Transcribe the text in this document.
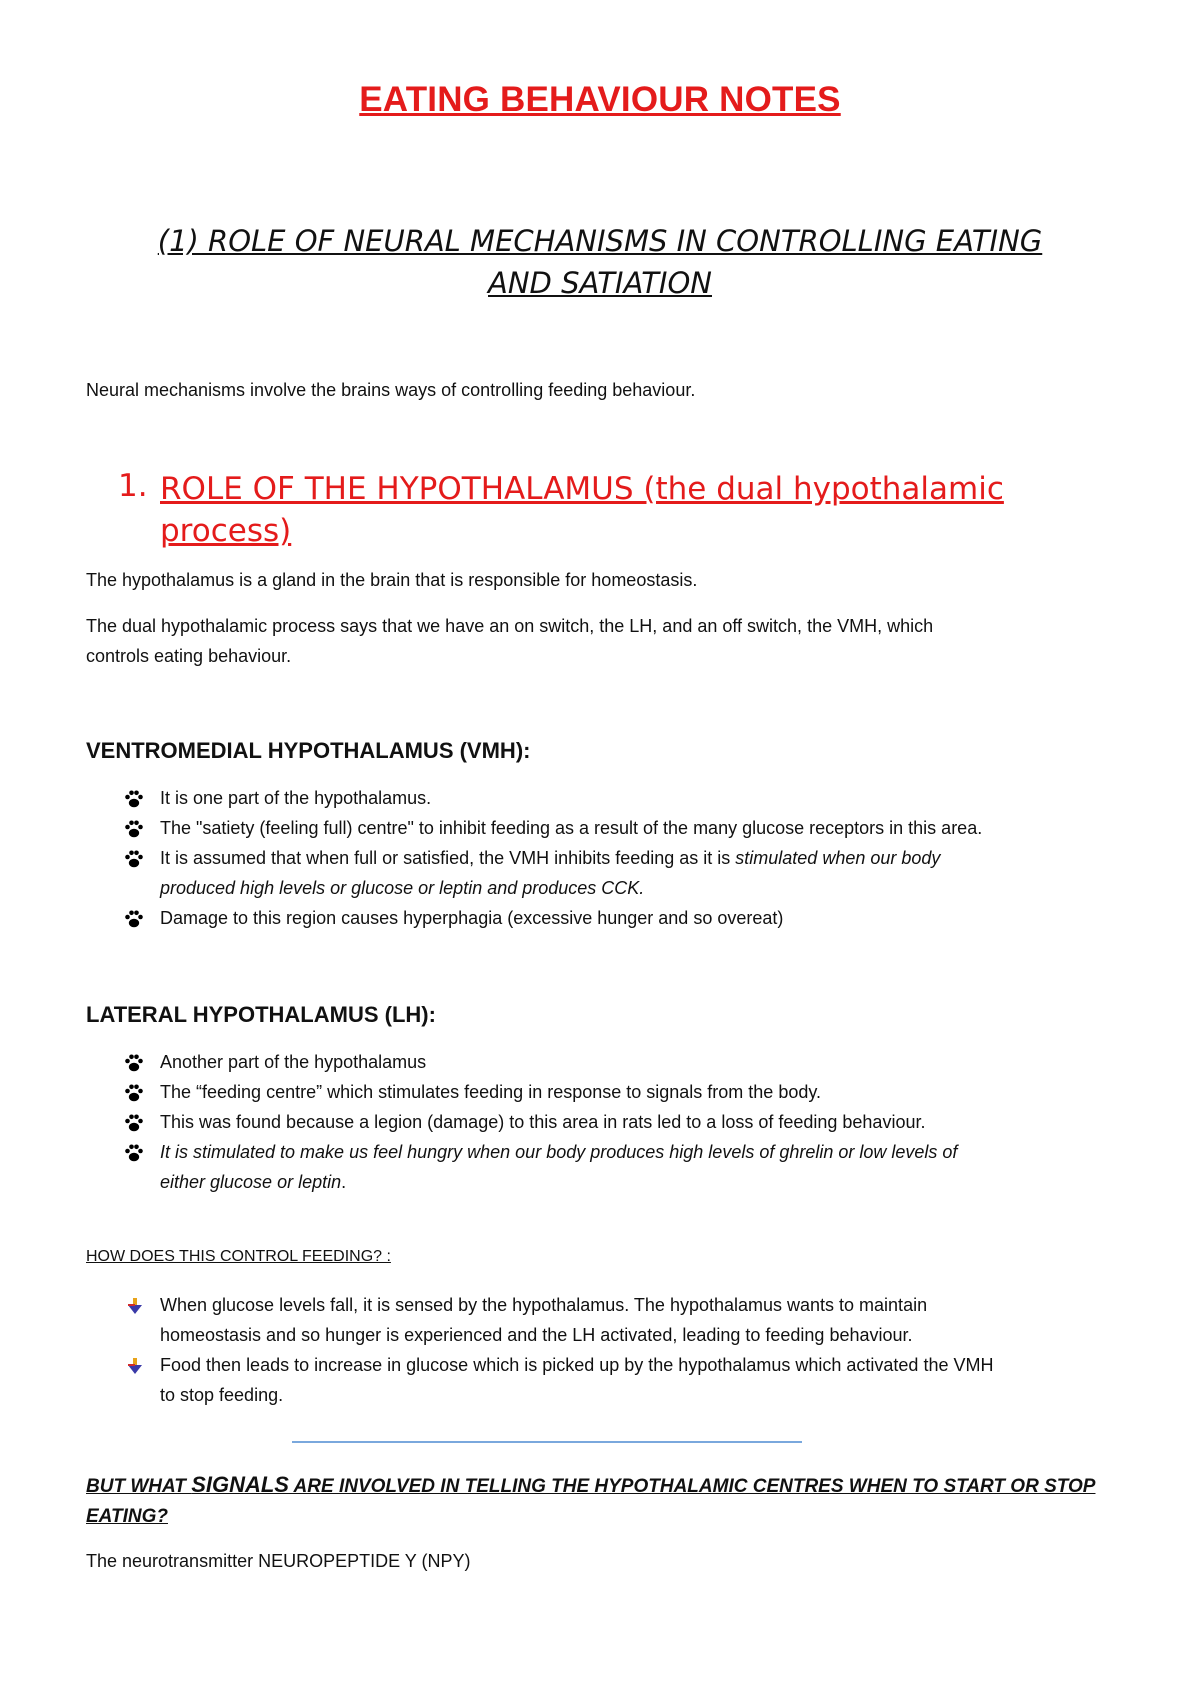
EATING BEHAVIOUR NOTES
(1) ROLE OF NEURAL MECHANISMS IN CONTROLLING EATING
AND SATIATION

Neural mechanisms involve the brains ways of controlling feeding behaviour.

1. ROLE OF THE HYPOTHALAMUS (the dual hypothalamic
process)

The hypothalamus is a gland in the brain that is responsible for homeostasis.

The dual hypothalamic process says that we have an on switch, the LH, and an off switch, the VMH, which
controls eating behaviour.
VENTROMEDIAL HYPOTHALAMUS (VMH):
It is one part of the hypothalamus.
The "satiety (feeling full) centre" to inhibit feeding as a result of the many glucose receptors in this area.
It is assumed that when full or satisfied, the VMH inhibits feeding as it is stimulated when our body
produced high levels or glucose or leptin and produces CCK.
Damage to this region causes hyperphagia (excessive hunger and so overeat)
LATERAL HYPOTHALAMUS (LH):
Another part of the hypothalamus
The “feeding centre” which stimulates feeding in response to signals from the body.
This was found because a legion (damage) to this area in rats led to a loss of feeding behaviour.
It is stimulated to make us feel hungry when our body produces high levels of ghrelin or low levels of
either glucose or leptin.

HOW DOES THIS CONTROL FEEDING? :

When glucose levels fall, it is sensed by the hypothalamus. The hypothalamus wants to maintain
homeostasis and so hunger is experienced and the LH activated, leading to feeding behaviour.
Food then leads to increase in glucose which is picked up by the hypothalamus which activated the VMH
to stop feeding.
BUT WHAT SIGNALS ARE INVOLVED IN TELLING THE HYPOTHALAMIC CENTRES WHEN TO START OR STOP
EATING?

The neurotransmitter NEUROPEPTIDE Y (NPY)
